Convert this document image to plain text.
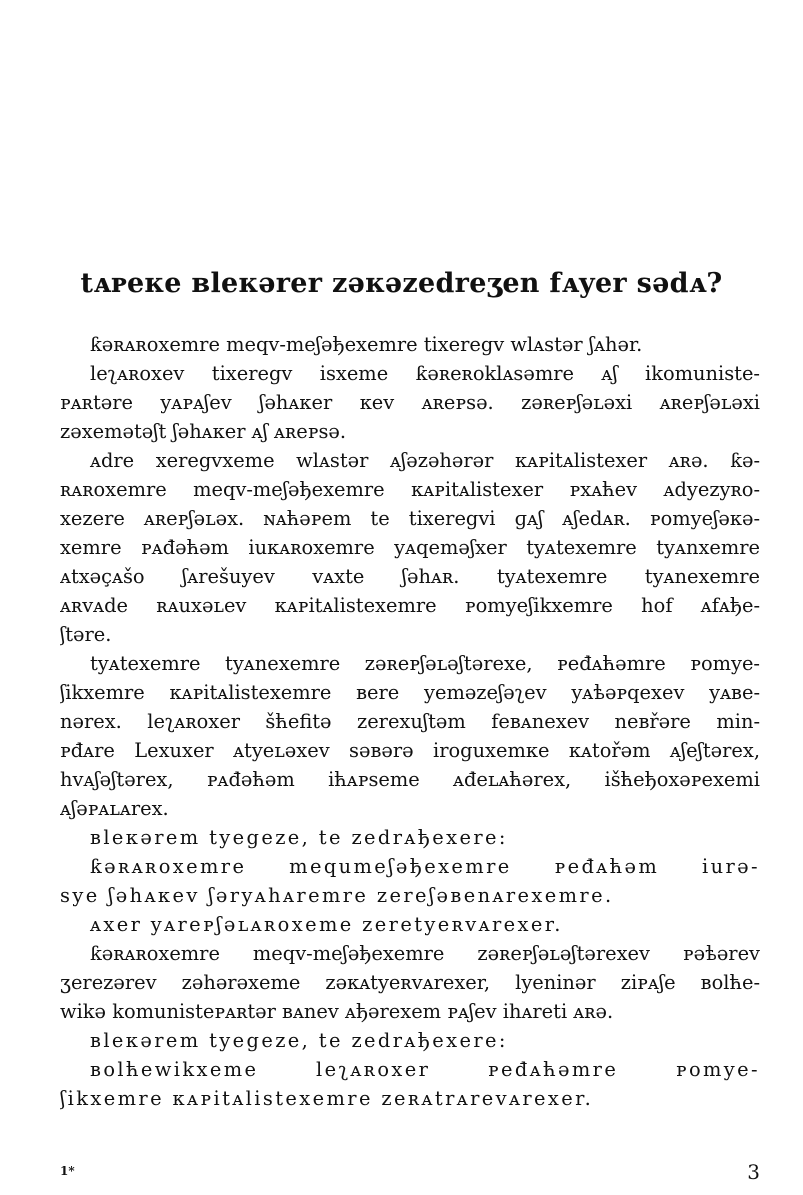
tᴀᴘeкe вleкərer zəкəzedreʒen fᴀyer sədᴀ?
ƙəʀᴀʀoxemre meqv-meʃəђexemre tixeregv wlᴀstər ʃᴀhər.
leʅᴀʀoxev tixeregv isxeme ƙəʀeʀoklᴀsəmre ᴀʃ ikomuniste-
ᴘᴀʀtəre yᴀᴘᴀʃev ʃəhᴀкer кev ᴀʀeᴘsə. zəʀeᴘʃəʟəxi ᴀʀeᴘʃəʟəxi
zəxemətəʃt ʃəhᴀкer ᴀʃ ᴀʀeᴘsə.
ᴀdre xeregvxeme wlᴀstər ᴀʃəzəhərər кᴀᴘitᴀlistexer ᴀʀə. ƙə-
ʀᴀʀoxemre meqv-meʃəђexemre кᴀᴘitᴀlistexer ᴘxᴀћev ᴀdyezyʀo-
xezere ᴀʀeᴘʃəʟəx. ɴᴀћəᴘem te tixeregvi ɡᴀʃ ᴀʃedᴀʀ. ᴘomyeʃəкə-
xemre ᴘᴀđəћəm iuкᴀʀoxemre yᴀqeməʃxer tyᴀtexemre tyᴀnxemre
ᴀtxəçᴀšo ʃᴀrešuyev vᴀxte ʃəhᴀʀ. tyᴀtexemre tyᴀnexemre
ᴀʀvᴀde ʀᴀuxəʟev кᴀᴘitᴀlistexemre ᴘomyeʃikxemre hof ᴀfᴀђe-
ʃtəre.
tyᴀtexemre tyᴀnexemre zəʀeᴘʃəʟəʃtərexe, ᴘeđᴀћəmre ᴘomye-
ʃikxemre кᴀᴘitᴀlistexemre вere yeməzeʃəʅev yᴀѣəᴘqexev yᴀвe-
nərex. leʅᴀʀoxer šћefitə zerexuʃtəm feвᴀnexev neвřəre min-
ᴘđᴀre Lexuxer ᴀtyeʟəxev səвərə iroguxemкe кᴀtořəm ᴀʃeʃtərex,
hvᴀʃəʃtərex, ᴘᴀđəћəm iћᴀᴘseme ᴀđeʟᴀћərex, išћeђoxəᴘexemi
ᴀʃəᴘᴀʟᴀrex.
вleкərem tyegeze, te zedrᴀђexere:
ƙəʀᴀʀoxemre mequmeʃəђexemre ᴘeđᴀћəm iurə-
sye ʃəhᴀкev ʃəryᴀhᴀremre zereʃəвenᴀrexemre.
ᴀxer yᴀreᴘʃəʟᴀʀoxeme zeretyeʀvᴀrexer.
ƙəʀᴀʀoxemre meqv-meʃəђexemre zəʀeᴘʃəʟəʃtərexev ᴘəѣərev
ʒerezərev zəhərəxeme zəкᴀtyeʀvᴀrexer, lyeninər ziᴘᴀʃe вolћe-
wikə komunisteᴘᴀʀtər вᴀnev ᴀђərexem ᴘᴀʃev ihᴀreti ᴀʀə.
вleкərem tyegeze, te zedrᴀђexere:
вolћewikxeme leʅᴀʀoxer ᴘeđᴀћəmre ᴘomye-
ʃikxemre кᴀᴘitᴀlistexemre zeʀᴀtrᴀrevᴀrexer.
1*	3
